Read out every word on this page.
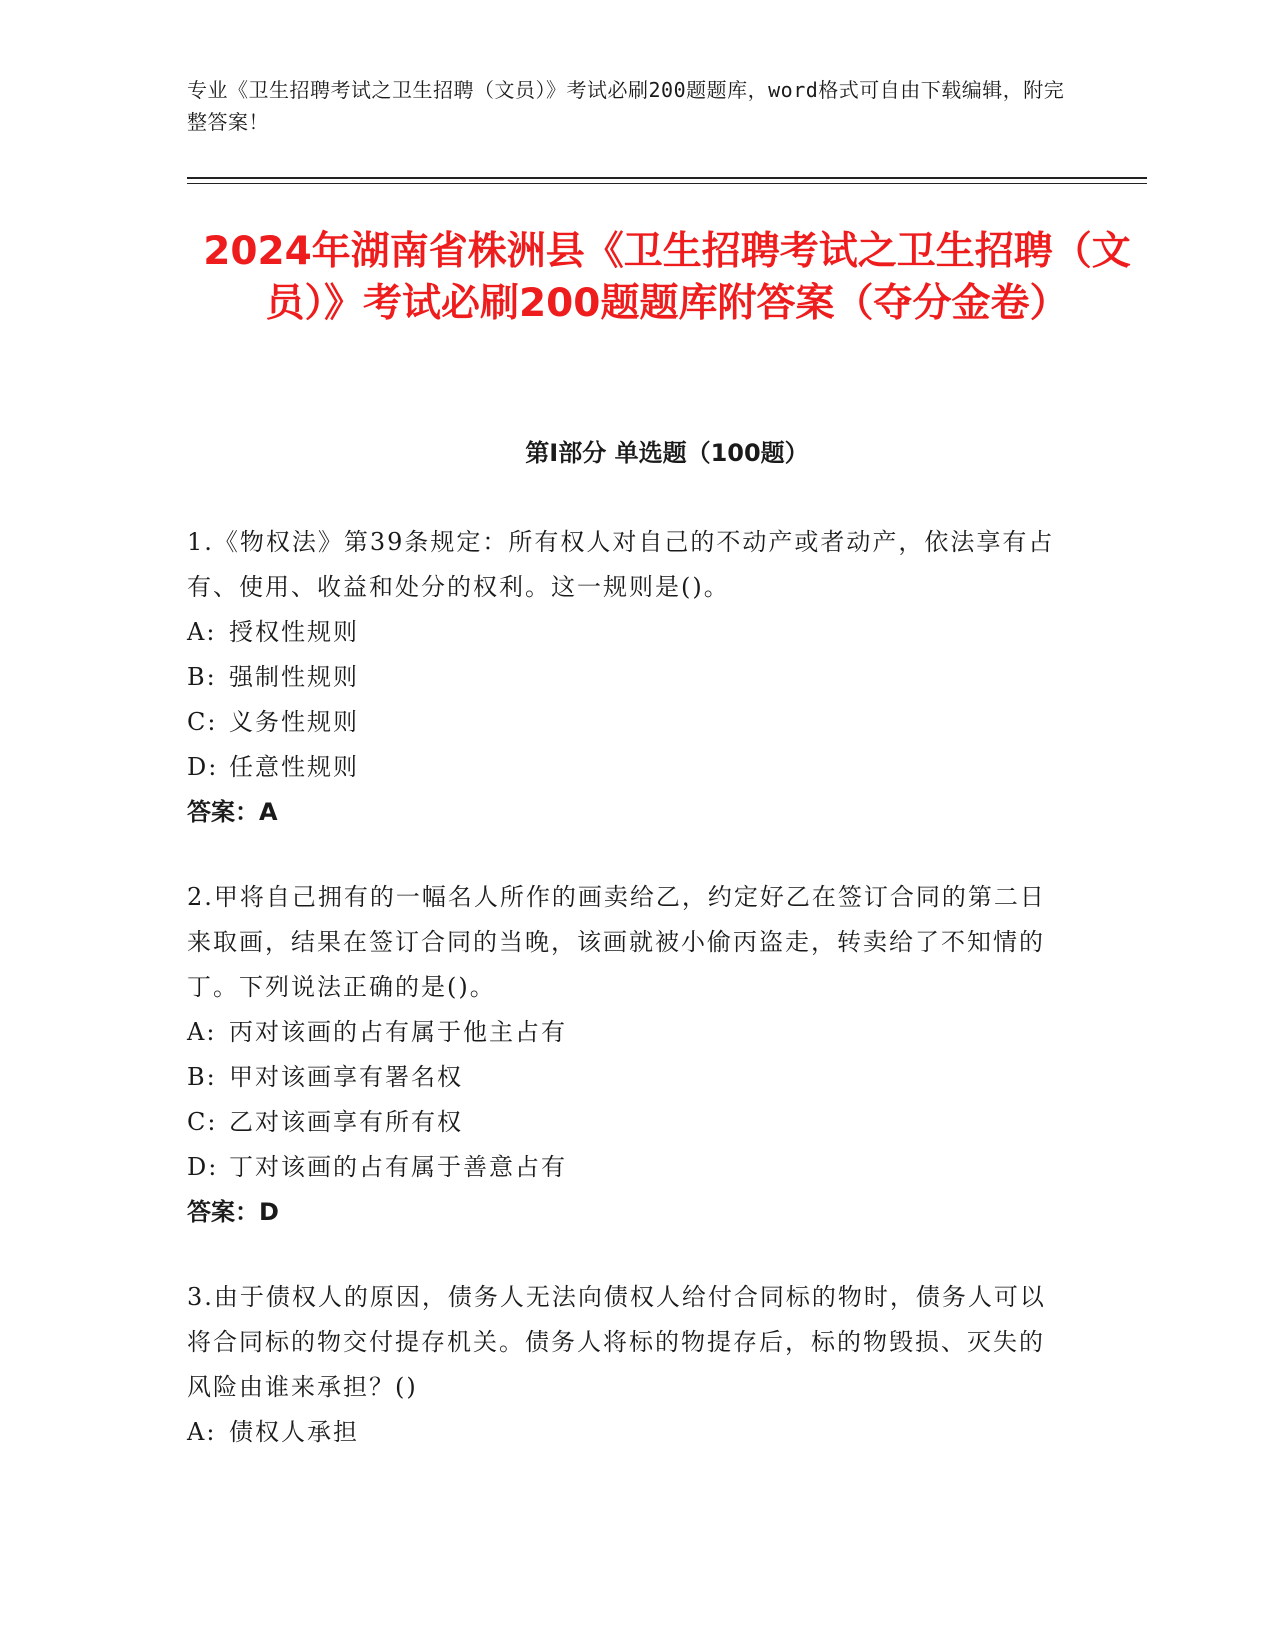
专业《卫生招聘考试之卫生招聘（文员）》考试必刷200题题库，word格式可自由下载编辑，附完整答案！
2024年湖南省株洲县《卫生招聘考试之卫生招聘（文员）》考试必刷200题题库附答案（夺分金卷）
第I部分 单选题（100题）
1.《物权法》第39条规定：所有权人对自己的不动产或者动产，依法享有占有、使用、收益和处分的权利。这一规则是()。
A: 授权性规则
B: 强制性规则
C: 义务性规则
D: 任意性规则
答案：A
2.甲将自己拥有的一幅名人所作的画卖给乙，约定好乙在签订合同的第二日来取画，结果在签订合同的当晚，该画就被小偷丙盗走，转卖给了不知情的丁。下列说法正确的是()。
A: 丙对该画的占有属于他主占有
B: 甲对该画享有署名权
C: 乙对该画享有所有权
D: 丁对该画的占有属于善意占有
答案：D
3.由于债权人的原因，债务人无法向债权人给付合同标的物时，债务人可以将合同标的物交付提存机关。债务人将标的物提存后，标的物毁损、灭失的风险由谁来承担？()
A: 债权人承担
